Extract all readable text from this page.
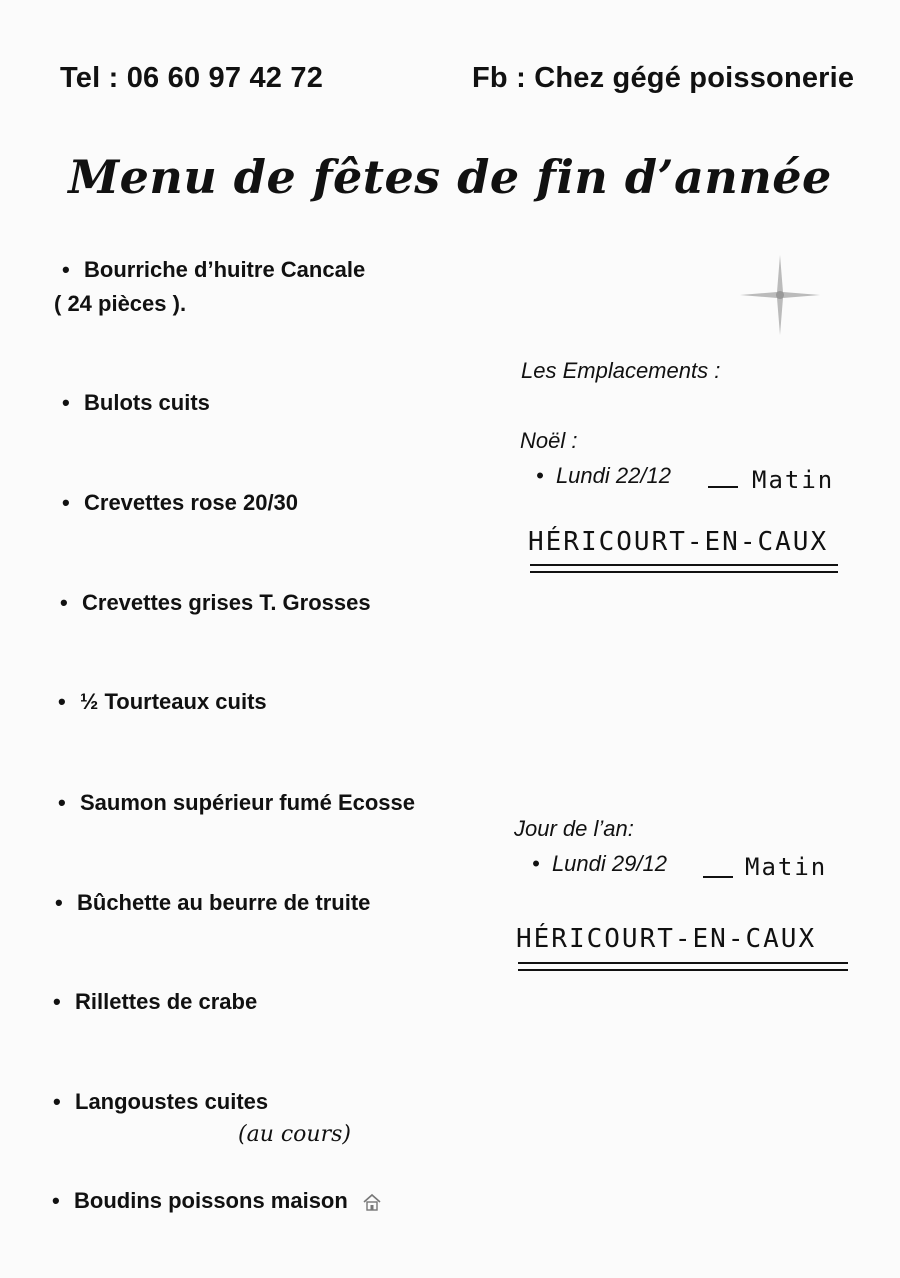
Tel : 06 60 97 42 72	Fb : Chez gégé poissonerie
Menu de fêtes de fin d’année
• Bourriche d’huitre Cancale
( 24 pièces ).
• Bulots cuits
• Crevettes rose 20/30
• Crevettes grises T. Grosses
• ½ Tourteaux cuits
• Saumon supérieur fumé Ecosse
• Bûchette au beurre de truite
• Rillettes de crabe
• Langoustes cuites
(au cours)
• Boudins poissons maison
Les Emplacements :
Noël :
• Lundi 22/12	Matin
HÉRICOURT-EN-CAUX
Jour de l’an:
• Lundi 29/12	Matin
HÉRICOURT-EN-CAUX
